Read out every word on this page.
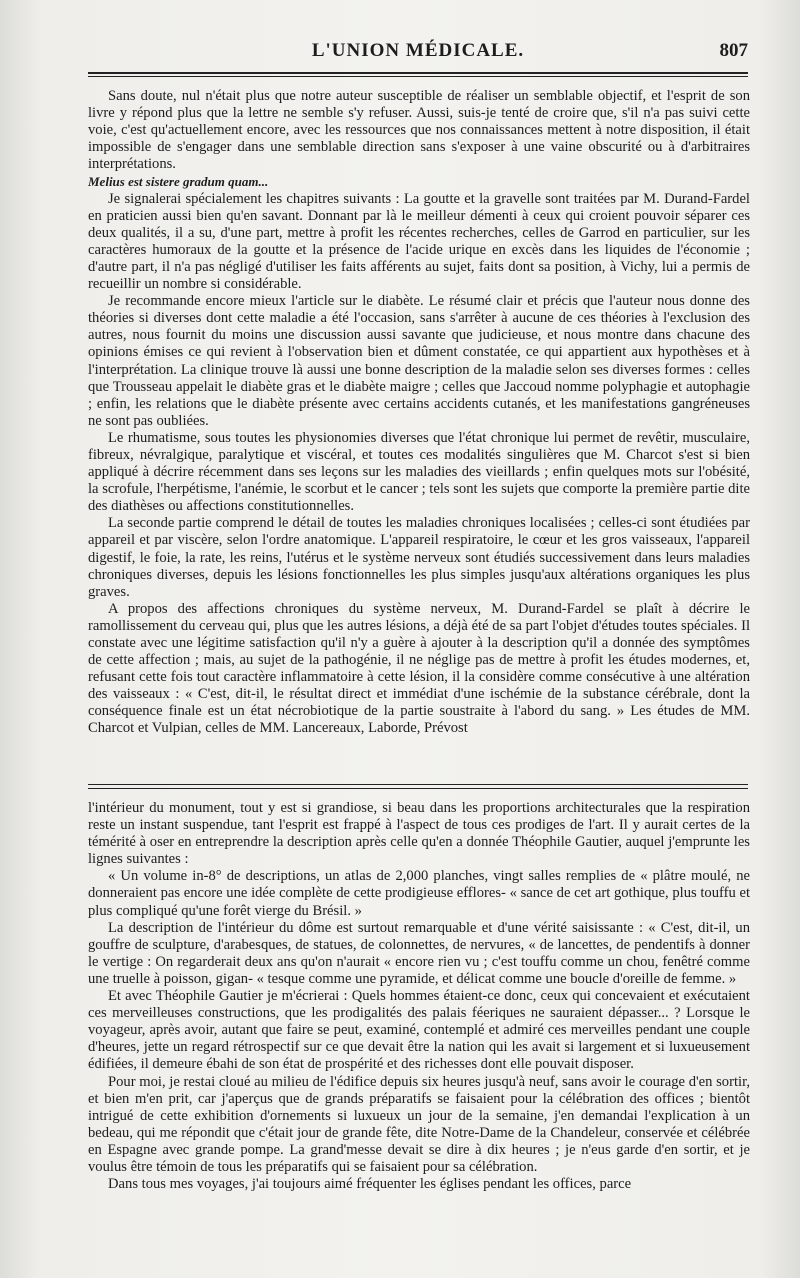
L'UNION MÉDICALE.	807

Sans doute, nul n'était plus que notre auteur susceptible de réaliser un semblable objectif, et l'esprit de son livre y répond plus que la lettre ne semble s'y refuser. Aussi, suis-je tenté de croire que, s'il n'a pas suivi cette voie, c'est qu'actuellement encore, avec les ressources que nos connaissances mettent à notre disposition, il était impossible de s'engager dans une semblable direction sans s'exposer à une vaine obscurité ou à d'arbitraires interprétations.

Melius est sistere gradum quam...

Je signalerai spécialement les chapitres suivants : La goutte et la gravelle sont traitées par M. Durand-Fardel en praticien aussi bien qu'en savant. Donnant par là le meilleur démenti à ceux qui croient pouvoir séparer ces deux qualités, il a su, d'une part, mettre à profit les récentes recherches, celles de Garrod en particulier, sur les caractères humoraux de la goutte et la présence de l'acide urique en excès dans les liquides de l'économie ; d'autre part, il n'a pas négligé d'utiliser les faits afférents au sujet, faits dont sa position, à Vichy, lui a permis de recueillir un nombre si considérable.

Je recommande encore mieux l'article sur le diabète. Le résumé clair et précis que l'auteur nous donne des théories si diverses dont cette maladie a été l'occasion, sans s'arrêter à aucune de ces théories à l'exclusion des autres, nous fournit du moins une discussion aussi savante que judicieuse, et nous montre dans chacune des opinions émises ce qui revient à l'observation bien et dûment constatée, ce qui appartient aux hypothèses et à l'interprétation. La clinique trouve là aussi une bonne description de la maladie selon ses diverses formes : celles que Trousseau appelait le diabète gras et le diabète maigre ; celles que Jaccoud nomme polyphagie et autophagie ; enfin, les relations que le diabète présente avec certains accidents cutanés, et les manifestations gangréneuses ne sont pas oubliées.

Le rhumatisme, sous toutes les physionomies diverses que l'état chronique lui permet de revêtir, musculaire, fibreux, névralgique, paralytique et viscéral, et toutes ces modalités singulières que M. Charcot s'est si bien appliqué à décrire récemment dans ses leçons sur les maladies des vieillards ; enfin quelques mots sur l'obésité, la scrofule, l'herpétisme, l'anémie, le scorbut et le cancer ; tels sont les sujets que comporte la première partie dite des diathèses ou affections constitutionnelles.

La seconde partie comprend le détail de toutes les maladies chroniques localisées ; celles-ci sont étudiées par appareil et par viscère, selon l'ordre anatomique. L'appareil respiratoire, le cœur et les gros vaisseaux, l'appareil digestif, le foie, la rate, les reins, l'utérus et le système nerveux sont étudiés successivement dans leurs maladies chroniques diverses, depuis les lésions fonctionnelles les plus simples jusqu'aux altérations organiques les plus graves.

A propos des affections chroniques du système nerveux, M. Durand-Fardel se plaît à décrire le ramollissement du cerveau qui, plus que les autres lésions, a déjà été de sa part l'objet d'études toutes spéciales. Il constate avec une légitime satisfaction qu'il n'y a guère à ajouter à la description qu'il a donnée des symptômes de cette affection ; mais, au sujet de la pathogénie, il ne néglige pas de mettre à profit les études modernes, et, refusant cette fois tout caractère inflammatoire à cette lésion, il la considère comme consécutive à une altération des vaisseaux : « C'est, dit-il, le résultat direct et immédiat d'une ischémie de la substance cérébrale, dont la conséquence finale est un état nécrobiotique de la partie soustraite à l'abord du sang. » Les études de MM. Charcot et Vulpian, celles de MM. Lancereaux, Laborde, Prévost

l'intérieur du monument, tout y est si grandiose, si beau dans les proportions architecturales que la respiration reste un instant suspendue, tant l'esprit est frappé à l'aspect de tous ces prodiges de l'art. Il y aurait certes de la témérité à oser en entreprendre la description après celle qu'en a donnée Théophile Gautier, auquel j'emprunte les lignes suivantes :

« Un volume in-8° de descriptions, un atlas de 2,000 planches, vingt salles remplies de « plâtre moulé, ne donneraient pas encore une idée complète de cette prodigieuse efflores- « sance de cet art gothique, plus touffu et plus compliqué qu'une forêt vierge du Brésil. »

La description de l'intérieur du dôme est surtout remarquable et d'une vérité saisissante : « C'est, dit-il, un gouffre de sculpture, d'arabesques, de statues, de colonnettes, de nervures, « de lancettes, de pendentifs à donner le vertige : On regarderait deux ans qu'on n'aurait « encore rien vu ; c'est touffu comme un chou, fenêtré comme une truelle à poisson, gigan- « tesque comme une pyramide, et délicat comme une boucle d'oreille de femme. »

Et avec Théophile Gautier je m'écrierai : Quels hommes étaient-ce donc, ceux qui concevaient et exécutaient ces merveilleuses constructions, que les prodigalités des palais féeriques ne sauraient dépasser... ? Lorsque le voyageur, après avoir, autant que faire se peut, examiné, contemplé et admiré ces merveilles pendant une couple d'heures, jette un regard rétrospectif sur ce que devait être la nation qui les avait si largement et si luxueusement édifiées, il demeure ébahi de son état de prospérité et des richesses dont elle pouvait disposer.

Pour moi, je restai cloué au milieu de l'édifice depuis six heures jusqu'à neuf, sans avoir le courage d'en sortir, et bien m'en prit, car j'aperçus que de grands préparatifs se faisaient pour la célébration des offices ; bientôt intrigué de cette exhibition d'ornements si luxueux un jour de la semaine, j'en demandai l'explication à un bedeau, qui me répondit que c'était jour de grande fête, dite Notre-Dame de la Chandeleur, conservée et célébrée en Espagne avec grande pompe. La grand'messe devait se dire à dix heures ; je n'eus garde d'en sortir, et je voulus être témoin de tous les préparatifs qui se faisaient pour sa célébration.

Dans tous mes voyages, j'ai toujours aimé fréquenter les églises pendant les offices, parce
